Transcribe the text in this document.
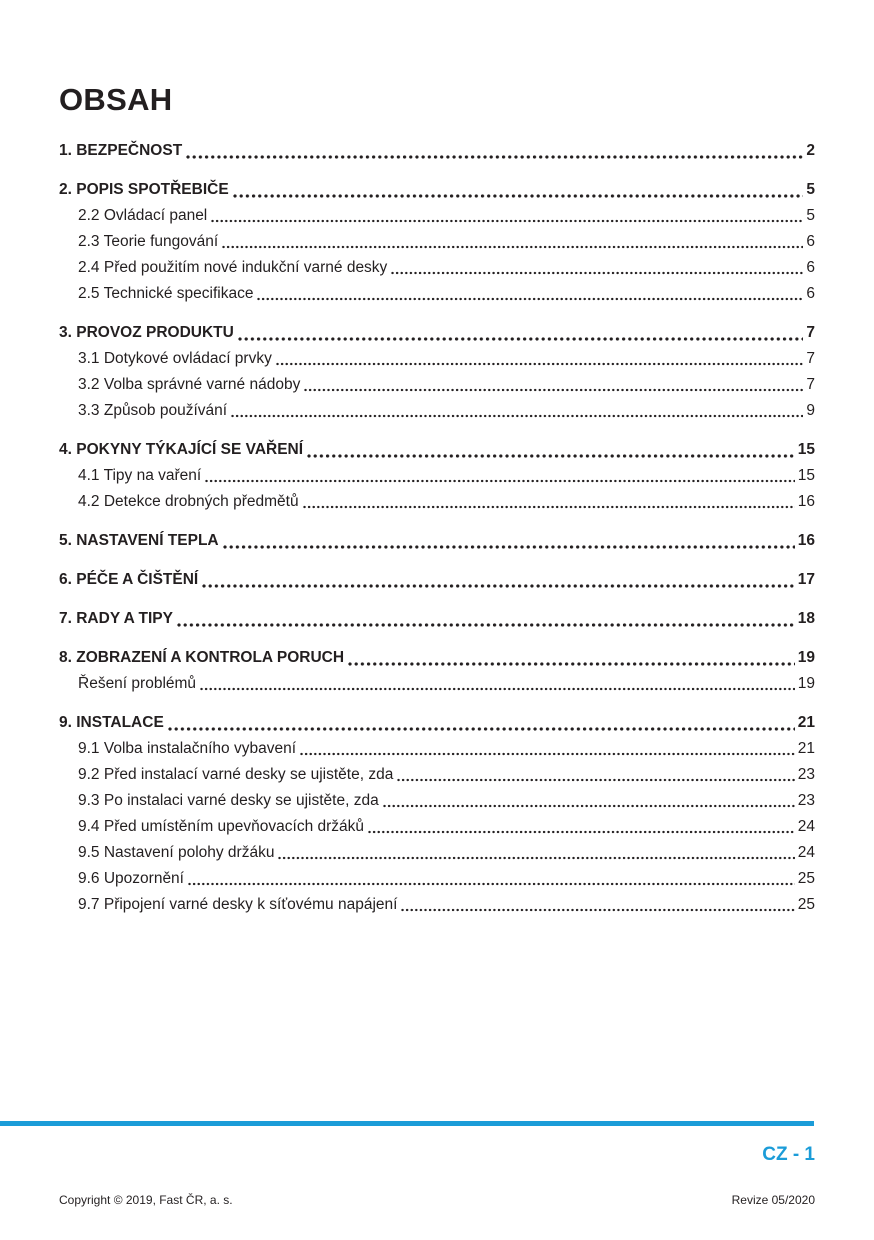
OBSAH
1. BEZPEČNOST	2
2. POPIS SPOTŘEBIČE	5
2.2 Ovládací panel	5
2.3 Teorie fungování	6
2.4 Před použitím nové indukční varné desky	6
2.5 Technické specifikace	6
3. PROVOZ PRODUKTU	7
3.1 Dotykové ovládací prvky	7
3.2 Volba správné varné nádoby	7
3.3 Způsob používání	9
4. POKYNY TÝKAJÍCÍ SE VAŘENÍ	15
4.1 Tipy na vaření	15
4.2 Detekce drobných předmětů	16
5. NASTAVENÍ TEPLA	16
6. PÉČE A ČIŠTĚNÍ	17
7. RADY A TIPY	18
8. ZOBRAZENÍ A KONTROLA PORUCH	19
Řešení problémů	19
9. INSTALACE	21
9.1 Volba instalačního vybavení	21
9.2 Před instalací varné desky se ujistěte, zda	23
9.3 Po instalaci varné desky se ujistěte, zda	23
9.4 Před umístěním upevňovacích držáků	24
9.5 Nastavení polohy držáku	24
9.6 Upozornění	25
9.7 Připojení varné desky k síťovému napájení	25
CZ - 1
Copyright © 2019, Fast ČR, a. s.	Revize 05/2020
